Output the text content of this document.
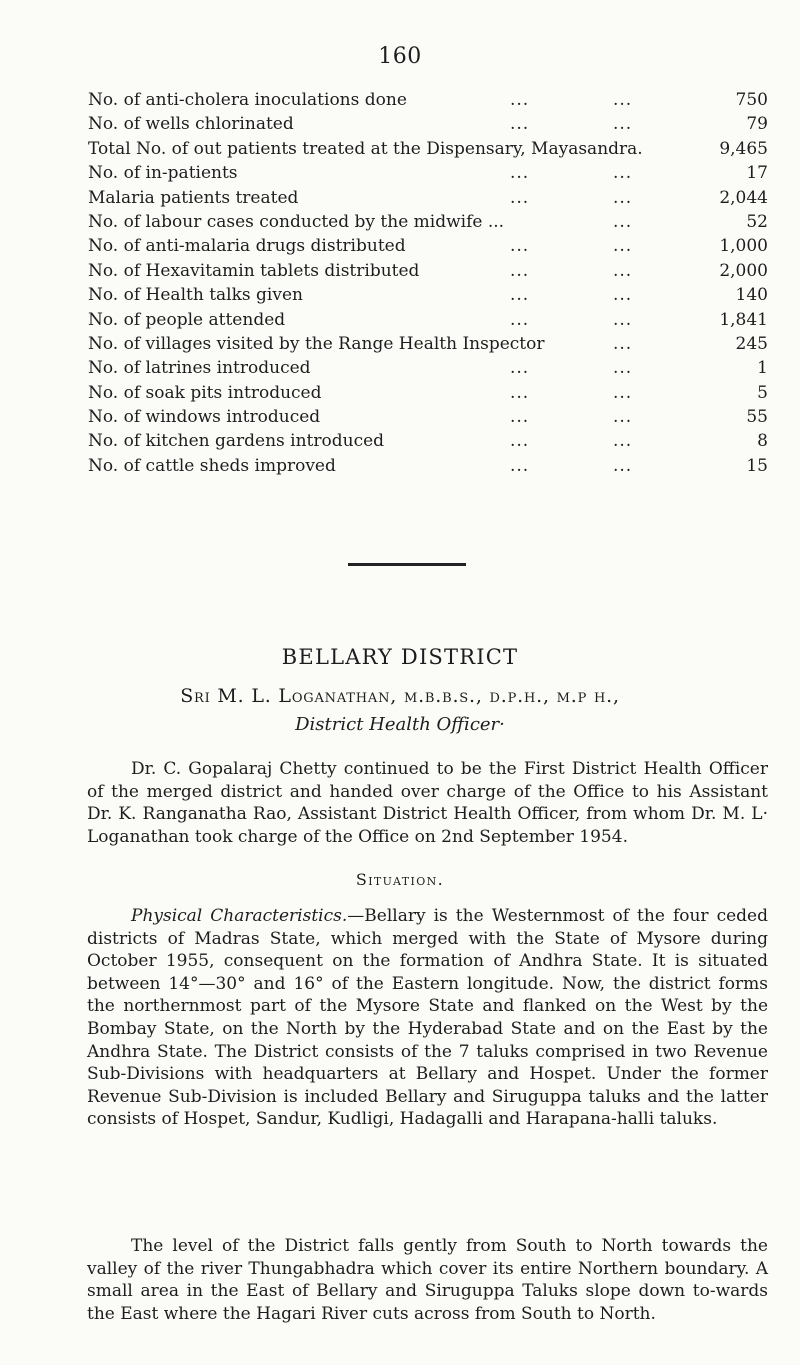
160
No. of anti-cholera inoculations done	...	...	750
No. of wells chlorinated	...	...	79
Total No. of out patients treated at the Dispensary, Mayasandra.	9,465
No. of in-patients	...	...	17
Malaria patients treated	...	...	2,044
No. of labour cases conducted by the midwife ...	...	52
No. of anti-malaria drugs distributed	...	...	1,000
No. of Hexavitamin tablets distributed	...	...	2,000
No. of Health talks given	...	...	140
No. of people attended	...	...	1,841
No. of villages visited by the Range Health Inspector	...	245
No. of latrines introduced	...	...	1
No. of soak pits introduced	...	...	5
No. of windows introduced	...	...	55
No. of kitchen gardens introduced	...	...	8
No. of cattle sheds improved	...	...	15
BELLARY DISTRICT
Sri M. L. Loganathan, m.b.b.s., d.p.h., m.p h.,
District Health Officer·

Dr. C. Gopalaraj Chetty continued to be the First District Health Officer of the merged district and handed over charge of the Office to his Assistant Dr. K. Ranganatha Rao, Assistant District Health Officer, from whom Dr. M. L· Loganathan took charge of the Office on 2nd September 1954.

Situation.

Physical Characteristics.—Bellary is the Westernmost of the four ceded districts of Madras State, which merged with the State of Mysore during October 1955, consequent on the formation of Andhra State. It is situated between 14°—30° and 16° of the Eastern longitude. Now, the district forms the northernmost part of the Mysore State and flanked on the West by the Bombay State, on the North by the Hyderabad State and on the East by the Andhra State. The District consists of the 7 taluks comprised in two Revenue Sub-Divisions with headquarters at Bellary and Hospet. Under the former Revenue Sub-Division is included Bellary and Siruguppa taluks and the latter consists of Hospet, Sandur, Kudligi, Hadagalli and Harapana-halli taluks.

The level of the District falls gently from South to North towards the valley of the river Thungabhadra which cover its entire Northern boundary. A small area in the East of Bellary and Siruguppa Taluks slope down to-wards the East where the Hagari River cuts across from South to North.
